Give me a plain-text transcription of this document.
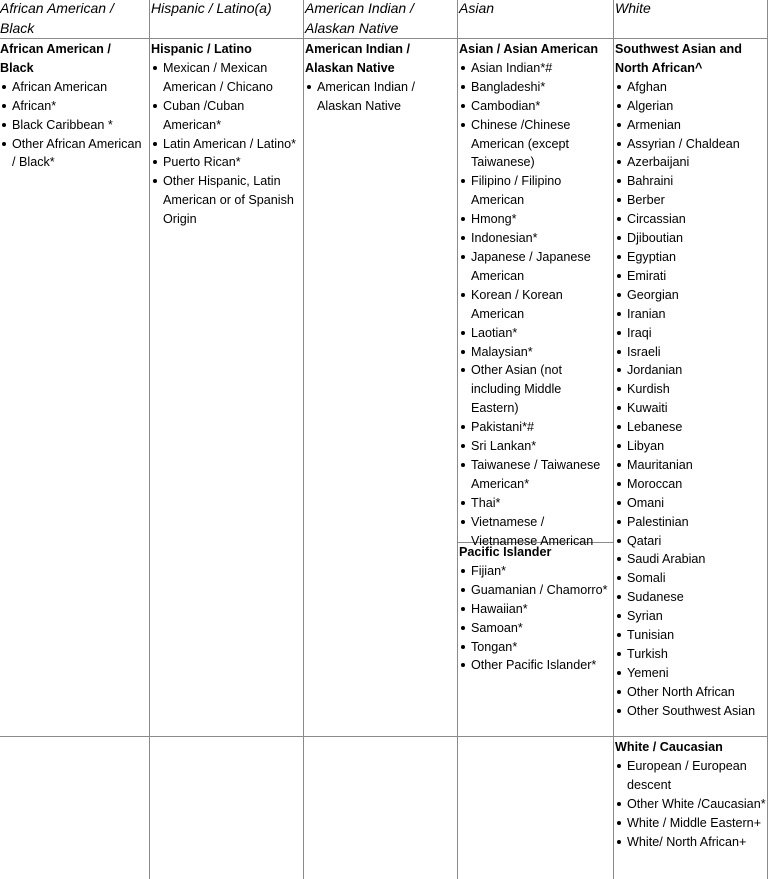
African American / Black
Hispanic / Latino(a)	American Indian / Alaskan Native
Asian	White
African American / Black
African American
African*
Black Caribbean *
Other African American / Black*
Hispanic / Latino
Mexican / Mexican American / Chicano
Cuban /Cuban American*
Latin American / Latino*
Puerto Rican*
Other Hispanic, Latin American or of Spanish Origin
American Indian / Alaskan Native
American Indian / Alaskan Native
Asian / Asian American
Asian Indian*#
Bangladeshi*
Cambodian*
Chinese /Chinese American (except Taiwanese)
Filipino / Filipino American
Hmong*
Indonesian*
Japanese / Japanese American
Korean / Korean American
Laotian*
Malaysian*
Other Asian (not including Middle Eastern)
Pakistani*#
Sri Lankan*
Taiwanese / Taiwanese American*
Thai*
Vietnamese / Vietnamese American
Pacific Islander
Fijian*
Guamanian / Chamorro*
Hawaiian*
Samoan*
Tongan*
Other Pacific Islander*
Southwest Asian and North African^
Afghan
Algerian
Armenian
Assyrian / Chaldean
Azerbaijani
Bahraini
Berber
Circassian
Djiboutian
Egyptian
Emirati
Georgian
Iranian
Iraqi
Israeli
Jordanian
Kurdish
Kuwaiti
Lebanese
Libyan
Mauritanian
Moroccan
Omani
Palestinian
Qatari
Saudi Arabian
Somali
Sudanese
Syrian
Tunisian
Turkish
Yemeni
Other North African
Other Southwest Asian
White / Caucasian
European / European descent
Other White /Caucasian*
White / Middle Eastern+
White/ North African+
